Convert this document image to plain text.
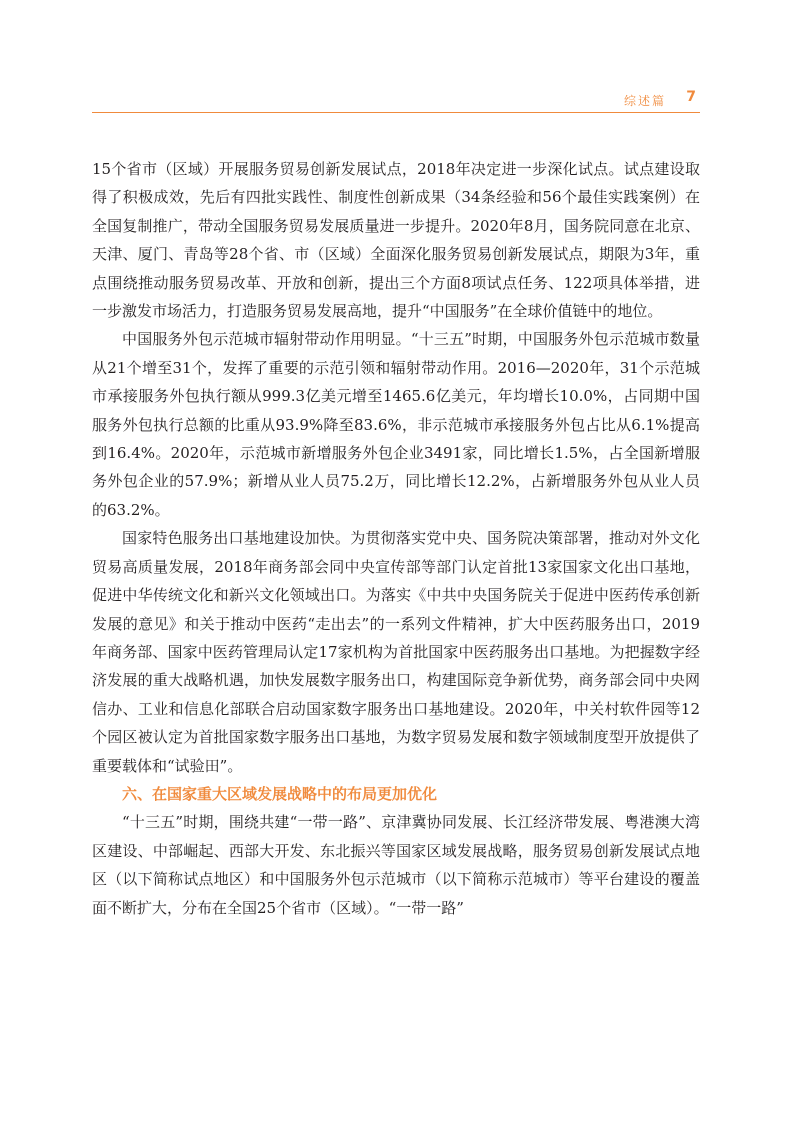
综述篇 7

15个省市（区域）开展服务贸易创新发展试点，2018年决定进一步深化试点。试点建设取得了积极成效，先后有四批实践性、制度性创新成果（34条经验和56个最佳实践案例）在全国复制推广，带动全国服务贸易发展质量进一步提升。2020年8月，国务院同意在北京、天津、厦门、青岛等28个省、市（区域）全面深化服务贸易创新发展试点，期限为3年，重点围绕推动服务贸易改革、开放和创新，提出三个方面8项试点任务、122项具体举措，进一步激发市场活力，打造服务贸易发展高地，提升“中国服务”在全球价值链中的地位。

中国服务外包示范城市辐射带动作用明显。“十三五”时期，中国服务外包示范城市数量从21个增至31个，发挥了重要的示范引领和辐射带动作用。2016—2020年，31个示范城市承接服务外包执行额从999.3亿美元增至1465.6亿美元，年均增长10.0%，占同期中国服务外包执行总额的比重从93.9%降至83.6%，非示范城市承接服务外包占比从6.1%提高到16.4%。2020年，示范城市新增服务外包企业3491家，同比增长1.5%，占全国新增服务外包企业的57.9%；新增从业人员75.2万，同比增长12.2%，占新增服务外包从业人员的63.2%。

国家特色服务出口基地建设加快。为贯彻落实党中央、国务院决策部署，推动对外文化贸易高质量发展，2018年商务部会同中央宣传部等部门认定首批13家国家文化出口基地，促进中华传统文化和新兴文化领域出口。为落实《中共中央国务院关于促进中医药传承创新发展的意见》和关于推动中医药“走出去”的一系列文件精神，扩大中医药服务出口，2019年商务部、国家中医药管理局认定17家机构为首批国家中医药服务出口基地。为把握数字经济发展的重大战略机遇，加快发展数字服务出口，构建国际竞争新优势，商务部会同中央网信办、工业和信息化部联合启动国家数字服务出口基地建设。2020年，中关村软件园等12个园区被认定为首批国家数字服务出口基地，为数字贸易发展和数字领域制度型开放提供了重要载体和“试验田”。

六、在国家重大区域发展战略中的布局更加优化

“十三五”时期，围绕共建“一带一路”、京津冀协同发展、长江经济带发展、粤港澳大湾区建设、中部崛起、西部大开发、东北振兴等国家区域发展战略，服务贸易创新发展试点地区（以下简称试点地区）和中国服务外包示范城市（以下简称示范城市）等平台建设的覆盖面不断扩大，分布在全国25个省市（区域）。“一带一路”
